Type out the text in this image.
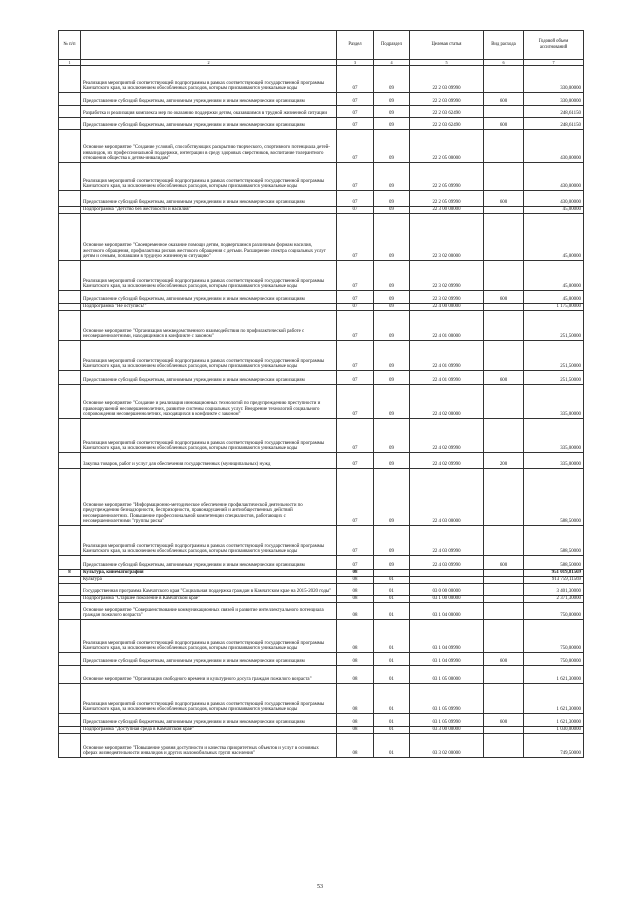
№ п/п		Раздел	Подраздел	Целевая статья	Вид расхода	Годовой объем ассигнований
1	2	3	4	5	6	7
	Реализация мероприятий соответствующей подпрограммы в рамках соответствующей государственной программы Камчатского края, за исключением обособленных расходов, которым присваиваются уникальные коды	07	09	22 2 03 09990		330,00000
	Предоставление субсидий бюджетным, автономным учреждениям и иным некоммерческим организациям	07	09	22 2 03 09990	600	330,00000
	Разработка и реализация комплекса мер по оказанию поддержки детям, оказавшимся в трудной жизненной ситуации	07	09	22 2 03 62490		248,61150
	Предоставление субсидий бюджетным, автономным учреждениям и иным некоммерческим организациям	07	09	22 2 03 62490	600	248,61150
	Основное мероприятие "Создание условий, способствующих раскрытию творческого, спортивного потенциала детей-инвалидов, их профессиональной поддержки, интеграции в среду здоровых сверстников, воспитание толерантного отношения общества к детям-инвалидам"	07	09	22 2 05 00000		430,00000
	Реализация мероприятий соответствующей подпрограммы в рамках соответствующей государственной программы Камчатского края, за исключением обособленных расходов, которым присваиваются уникальные коды	07	09	22 2 05 09990		430,00000
	Предоставление субсидий бюджетным, автономным учреждениям и иным некоммерческим организациям	07	09	22 2 05 09990	600	430,00000
	Подпрограмма "Детство без жестокости и насилия"	07	09	22 3 00 00000		45,00000
	Основное мероприятие "Своевременное оказание помощи детям, подвергшимся различным формам насилия, жестокого обращения, профилактика рисков жестокого обращения с детьми. Расширение спектра социальных услуг детям и семьям, попавшим в трудную жизненную ситуацию"	07	09	22 3 02 00000		45,00000
	Реализация мероприятий соответствующей подпрограммы в рамках соответствующей государственной программы Камчатского края, за исключением обособленных расходов, которым присваиваются уникальные коды	07	09	22 3 02 09990		45,00000
	Предоставление субсидий бюджетным, автономным учреждениям и иным некоммерческим организациям	07	09	22 3 02 09990	600	45,00000
	Подпрограмма "Не оступись!"	07	09	22 4 00 00000		1 175,00000
	Основное мероприятие "Организация межведомственного взаимодействия по профилактической работе с несовершеннолетними, находящимися в конфликте с законом"	07	09	22 4 01 00000		251,50000
	Реализация мероприятий соответствующей подпрограммы в рамках соответствующей государственной программы Камчатского края, за исключением обособленных расходов, которым присваиваются уникальные коды	07	09	22 4 01 09990		251,50000
	Предоставление субсидий бюджетным, автономным учреждениям и иным некоммерческим организациям	07	09	22 4 01 09990	600	251,50000
	Основное мероприятие "Создание и реализация инновационных технологий по предупреждению преступности и правонарушений несовершеннолетних, развитие системы социальных услуг. Внедрение технологий социального сопровождения несовершеннолетних, находящихся в конфликте с законом"	07	09	22 4 02 00000		335,00000
	Реализация мероприятий соответствующей подпрограммы в рамках соответствующей государственной программы Камчатского края, за исключением обособленных расходов, которым присваиваются уникальные коды	07	09	22 4 02 09990		335,00000
	Закупка товаров, работ и услуг для обеспечения государственных (муниципальных) нужд	07	09	22 4 02 09990	200	335,00000
	Основное мероприятие "Информационно-методическое обеспечение профилактической деятельности по предупреждению безнадзорности, беспризорности, правонарушений и антиобщественных действий несовершеннолетних. Повышение профессиональной компетенции специалистов, работающих с несовершеннолетними "группы риска"	07	09	22 4 03 00000		588,50000
	Реализация мероприятий соответствующей подпрограммы в рамках соответствующей государственной программы Камчатского края, за исключением обособленных расходов, которым присваиваются уникальные коды	07	09	22 4 03 09990		588,50000
	Предоставление субсидий бюджетным, автономным учреждениям и иным некоммерческим организациям	07	09	22 4 03 09990	600	588,50000
8	Культура, кинематография	08				951 019,81569
	Культура	08	01			913 759,11569
	Государственная программа Камчатского края "Социальная поддержка граждан в Камчатском крае на 2015-2020 годы"	08	01	03 0 00 00000		3 401,30000
	Подпрограмма "Старшее поколение в Камчатском крае"	08	01	03 1 00 00000		2 371,30000
	Основное мероприятие "Совершенствование коммуникационных связей и развитие интеллектуального потенциала граждан пожилого возраста"	08	01	03 1 04 00000		750,00000
	Реализация мероприятий соответствующей подпрограммы в рамках соответствующей государственной программы Камчатского края, за исключением обособленных расходов, которым присваиваются уникальные коды	08	01	03 1 04 09990		750,00000
	Предоставление субсидий бюджетным, автономным учреждениям и иным некоммерческим организациям	08	01	03 1 04 09990	600	750,00000
	Основное мероприятие "Организация свободного времени и культурного досуга граждан пожилого возраста"	08	01	03 1 05 00000		1 621,30000
	Реализация мероприятий соответствующей подпрограммы в рамках соответствующей государственной программы Камчатского края, за исключением обособленных расходов, которым присваиваются уникальные коды	08	01	03 1 05 09990		1 621,30000
	Предоставление субсидий бюджетным, автономным учреждениям и иным некоммерческим организациям	08	01	03 1 05 09990	600	1 621,30000
	Подпрограмма "Доступная среда в Камчатском крае"	08	01	03 3 00 00000		1 030,00000
	Основное мероприятие "Повышение уровня доступности и качества приоритетных объектов и услуг в основных сферах жизнедеятельности инвалидов и других маломобильных групп населения"	08	01	03 3 02 00000		749,50000
53
